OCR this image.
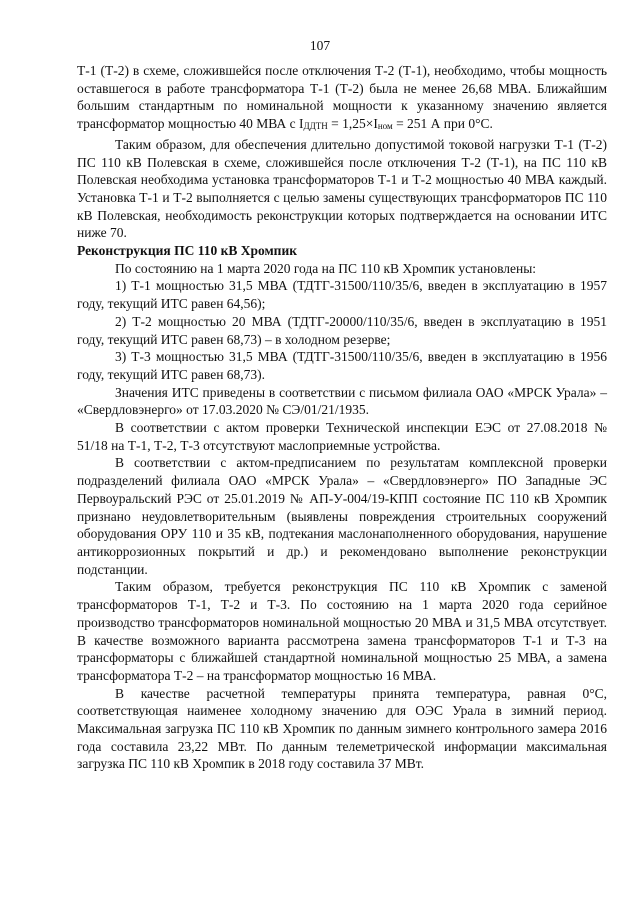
107

Т-1 (Т-2) в схеме, сложившейся после отключения Т-2 (Т-1), необходимо, чтобы мощность оставшегося в работе трансформатора Т-1 (Т-2) была не менее 26,68 МВА. Ближайшим большим стандартным по номинальной мощности к указанному значению является трансформатор мощностью 40 МВА с IДДТН = 1,25×Iном = 251 А при 0°С.

Таким образом, для обеспечения длительно допустимой токовой нагрузки Т-1 (Т-2) ПС 110 кВ Полевская в схеме, сложившейся после отключения Т-2 (Т-1), на ПС 110 кВ Полевская необходима установка трансформаторов Т-1 и Т-2 мощностью 40 МВА каждый. Установка Т-1 и Т-2 выполняется с целью замены существующих трансформаторов ПС 110 кВ Полевская, необходимость реконструкции которых подтверждается на основании ИТС ниже 70.

Реконструкция ПС 110 кВ Хромпик

По состоянию на 1 марта 2020 года на ПС 110 кВ Хромпик установлены:

1) Т-1 мощностью 31,5 МВА (ТДТГ-31500/110/35/6, введен в эксплуатацию в 1957 году, текущий ИТС равен 64,56);

2) Т-2 мощностью 20 МВА (ТДТГ-20000/110/35/6, введен в эксплуатацию в 1951 году, текущий ИТС равен 68,73) – в холодном резерве;

3) Т-3 мощностью 31,5 МВА (ТДТГ-31500/110/35/6, введен в эксплуатацию в 1956 году, текущий ИТС равен 68,73).

Значения ИТС приведены в соответствии с письмом филиала ОАО «МРСК Урала» – «Свердловэнерго» от 17.03.2020 № СЭ/01/21/1935.

В соответствии с актом проверки Технической инспекции ЕЭС от 27.08.2018 № 51/18 на Т-1, Т-2, Т-3 отсутствуют маслоприемные устройства.

В соответствии с актом-предписанием по результатам комплексной проверки подразделений филиала ОАО «МРСК Урала» – «Свердловэнерго» ПО Западные ЭС Первоуральский РЭС от 25.01.2019 № АП-У-004/19-КПП состояние ПС 110 кВ Хромпик признано неудовлетворительным (выявлены повреждения строительных сооружений оборудования ОРУ 110 и 35 кВ, подтекания маслонаполненного оборудования, нарушение антикоррозионных покрытий и др.) и рекомендовано выполнение реконструкции подстанции.

Таким образом, требуется реконструкция ПС 110 кВ Хромпик с заменой трансформаторов Т-1, Т-2 и Т-3. По состоянию на 1 марта 2020 года серийное производство трансформаторов номинальной мощностью 20 МВА и 31,5 МВА отсутствует. В качестве возможного варианта рассмотрена замена трансформаторов Т-1 и Т-3 на трансформаторы с ближайшей стандартной номинальной мощностью 25 МВА, а замена трансформатора Т-2 – на трансформатор мощностью 16 МВА.

В качестве расчетной температуры принята температура, равная 0°С, соответствующая наименее холодному значению для ОЭС Урала в зимний период. Максимальная загрузка ПС 110 кВ Хромпик по данным зимнего контрольного замера 2016 года составила 23,22 МВт. По данным телеметрической информации максимальная загрузка ПС 110 кВ Хромпик в 2018 году составила 37 МВт.
